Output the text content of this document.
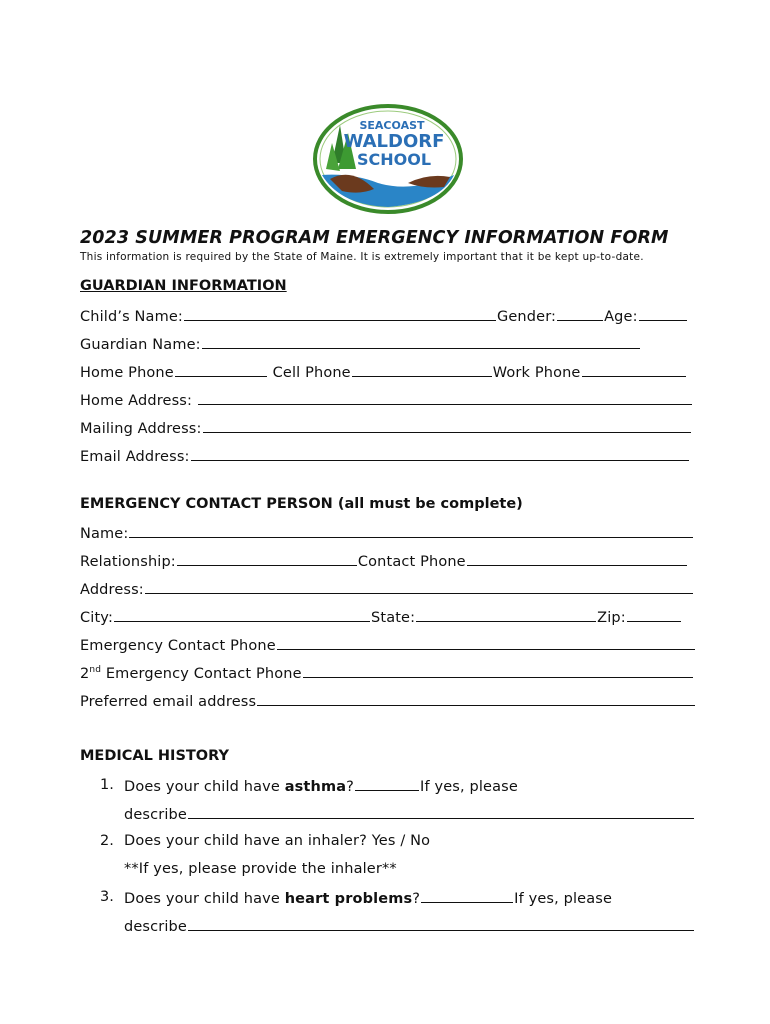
SEACOAST
WALDORF
SCHOOL
2023 SUMMER PROGRAM EMERGENCY INFORMATION FORM
This information is required by the State of Maine. It is extremely important that it be kept up-to-date.
GUARDIAN INFORMATION
Child’s Name:	Gender:	Age:
Guardian Name:
Home Phone	Cell Phone	Work Phone
Home Address:
Mailing Address:
Email Address:
EMERGENCY CONTACT PERSON (all must be complete)
Name:
Relationship:	Contact Phone
Address:
City:	State:	Zip:
Emergency Contact Phone
2nd Emergency Contact Phone
Preferred email address
MEDICAL HISTORY
1. Does your child have asthma?	If yes, please
describe
2. Does your child have an inhaler? Yes / No
**If yes, please provide the inhaler**
3. Does your child have heart problems?	If yes, please
describe
